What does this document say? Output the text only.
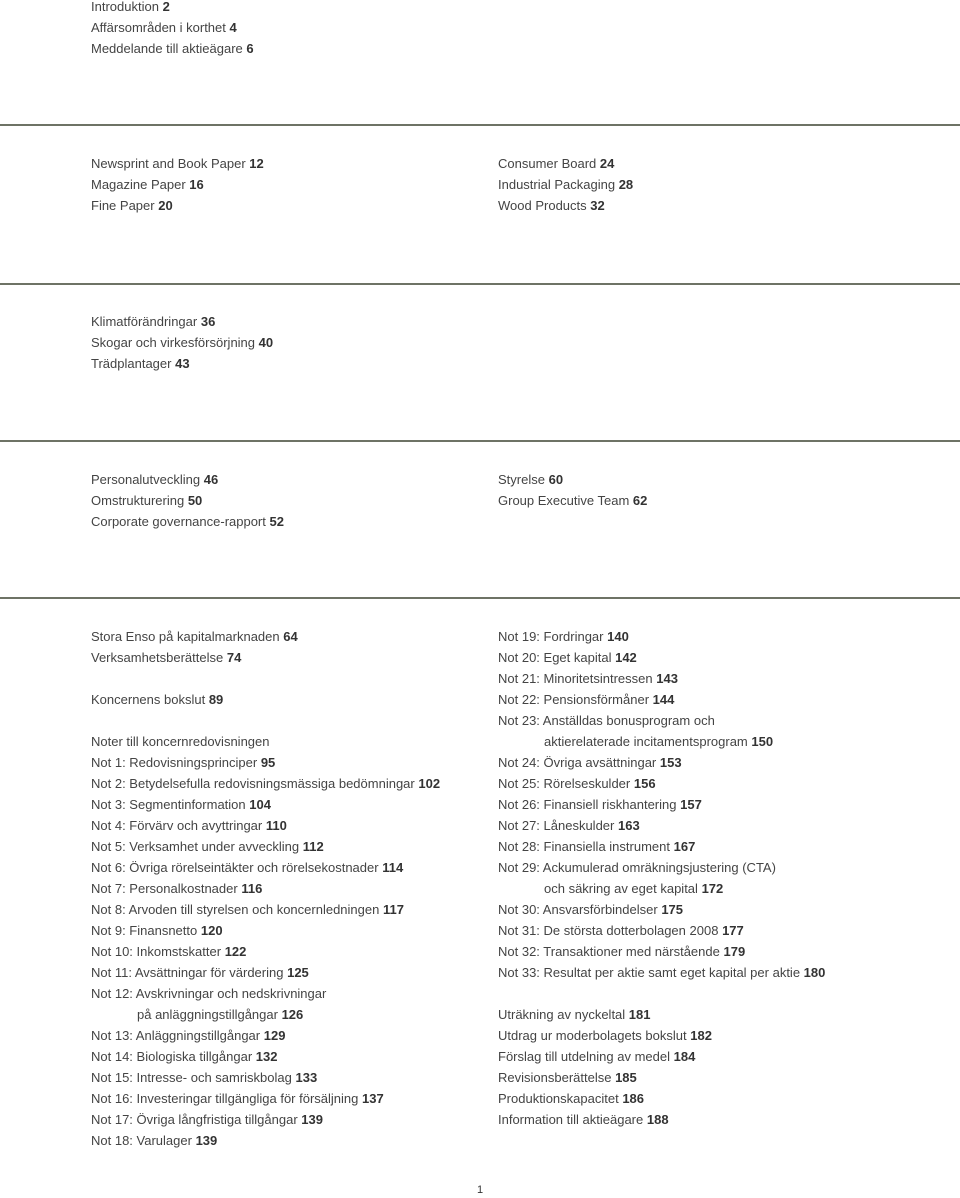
Introduktion 2
Affärsområden i korthet 4
Meddelande till aktieägare 6
Newsprint and Book Paper 12
Magazine Paper 16
Fine Paper 20
Consumer Board 24
Industrial Packaging 28
Wood Products 32
Klimatförändringar 36
Skogar och virkesförsörjning 40
Trädplantager 43
Personalutveckling 46
Omstrukturering 50
Corporate governance-rapport 52
Styrelse 60
Group Executive Team 62
Stora Enso på kapitalmarknaden 64
Verksamhetsberättelse 74
Koncernens bokslut 89
Noter till koncernredovisningen
Not 1: Redovisningsprinciper 95
Not 2: Betydelsefulla redovisningsmässiga bedömningar 102
Not 3: Segmentinformation 104
Not 4: Förvärv och avyttringar 110
Not 5: Verksamhet under avveckling 112
Not 6: Övriga rörelseintäkter och rörelsekostnader 114
Not 7: Personalkostnader 116
Not 8: Arvoden till styrelsen och koncernledningen 117
Not 9: Finansnetto 120
Not 10: Inkomstskatter 122
Not 11: Avsättningar för värdering 125
Not 12: Avskrivningar och nedskrivningar
på anläggningstillgångar 126
Not 13: Anläggningstillgångar 129
Not 14: Biologiska tillgångar 132
Not 15: Intresse- och samriskbolag 133
Not 16: Investeringar tillgängliga för försäljning 137
Not 17: Övriga långfristiga tillgångar 139
Not 18: Varulager 139
Not 19: Fordringar 140
Not 20: Eget kapital 142
Not 21: Minoritetsintressen 143
Not 22: Pensionsförmåner 144
Not 23: Anställdas bonusprogram och
aktierelaterade incitamentsprogram 150
Not 24: Övriga avsättningar 153
Not 25: Rörelseskulder 156
Not 26: Finansiell riskhantering 157
Not 27: Låneskulder 163
Not 28: Finansiella instrument 167
Not 29: Ackumulerad omräkningsjustering (CTA)
och säkring av eget kapital 172
Not 30: Ansvarsförbindelser 175
Not 31: De största dotterbolagen 2008 177
Not 32: Transaktioner med närstående 179
Not 33: Resultat per aktie samt eget kapital per aktie 180
Uträkning av nyckeltal 181
Utdrag ur moderbolagets bokslut 182
Förslag till utdelning av medel 184
Revisionsberättelse 185
Produktionskapacitet 186
Information till aktieägare 188
1
